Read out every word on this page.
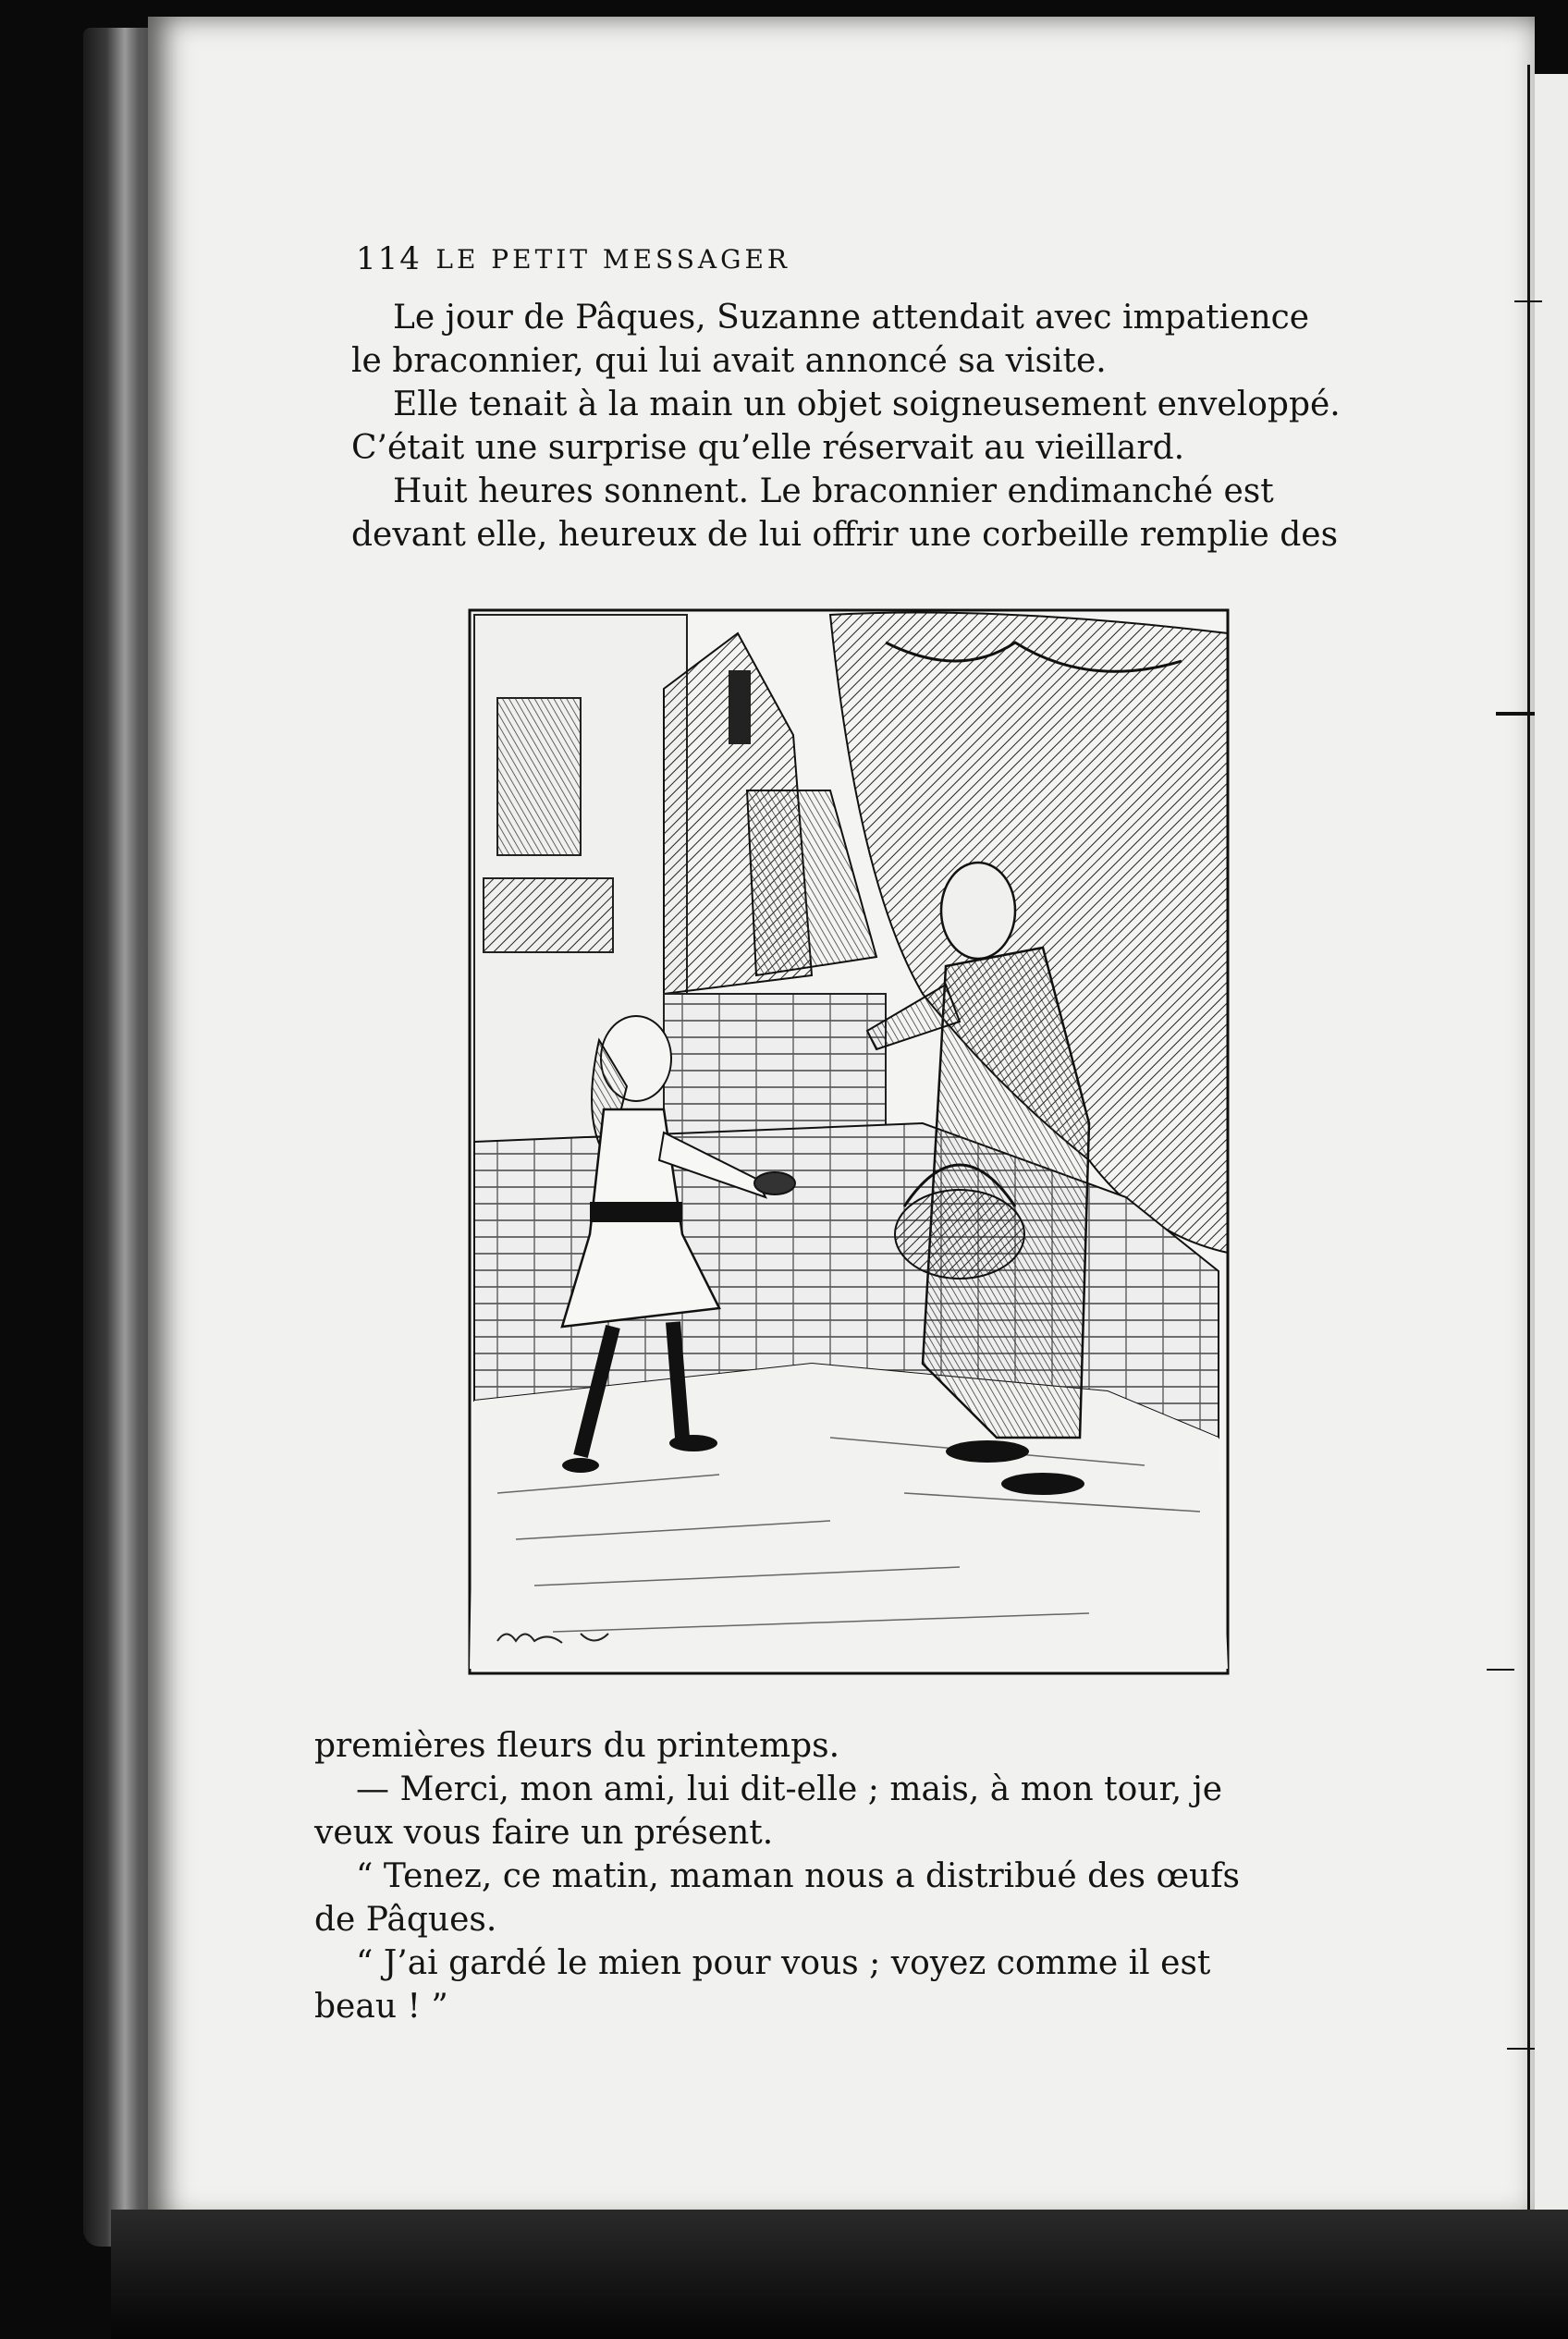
114 LE PETIT MESSAGER
Le jour de Pâques, Suzanne attendait avec impatience
le braconnier, qui lui avait annoncé sa visite.
Elle tenait à la main un objet soigneusement enveloppé.
C’était une surprise qu’elle réservait au vieillard.
Huit heures sonnent. Le braconnier endimanché est
devant elle, heureux de lui offrir une corbeille remplie des
premières fleurs du printemps.
— Merci, mon ami, lui dit-elle ; mais, à mon tour, je
veux vous faire un présent.
“ Tenez, ce matin, maman nous a distribué des œufs
de Pâques.
“ J’ai gardé le mien pour vous ; voyez comme il est
beau ! ”
